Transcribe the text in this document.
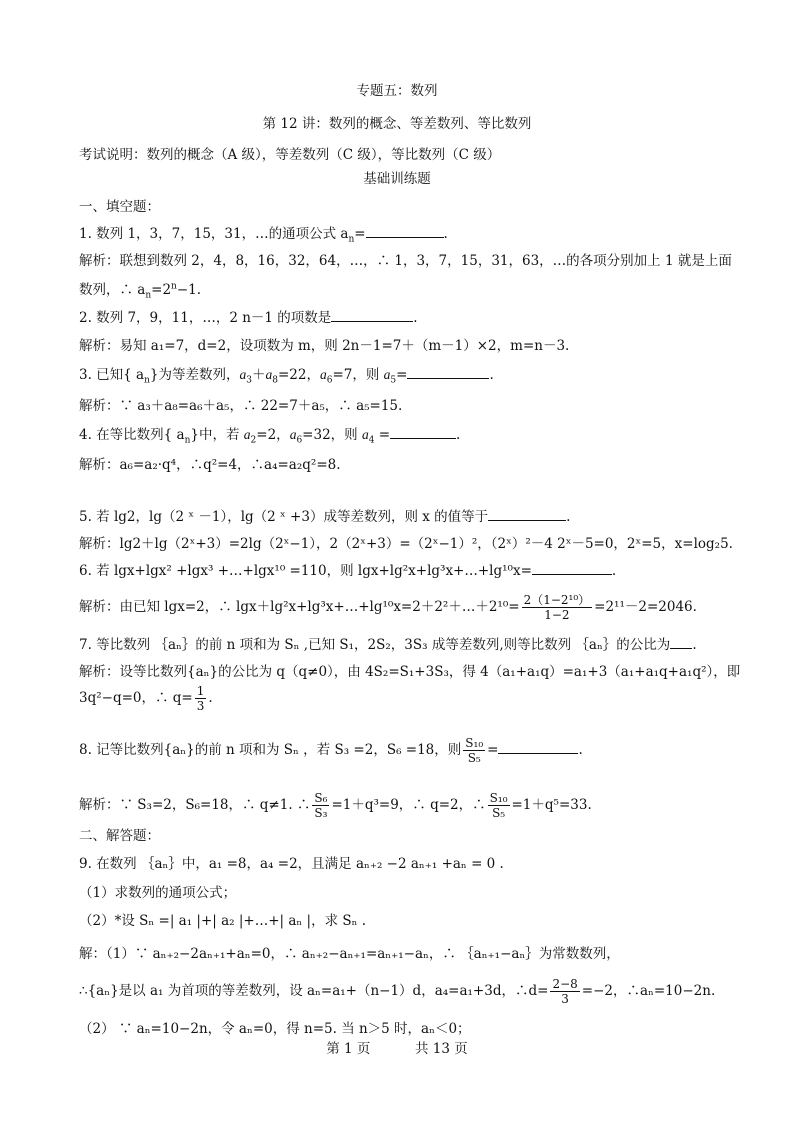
专题五：数列
第 12 讲：数列的概念、等差数列、等比数列
考试说明：数列的概念（A 级），等差数列（C 级），等比数列（C 级）
基础训练题
一、填空题：
1. 数列 1，3，7，15，31，…的通项公式 $a_n=$	.
解析：联想到数列 2，4，8，16，32，64，…，∴ 1，3，7，15，31，63，…的各项分别加上 1 就是上面
数列，∴ $a_n=2^n-1$.
2. 数列 7，9，11，…，2 n－1 的项数是	.
解析：易知 a₁=7，d=2，设项数为 m，则 2n－1=7＋（m－1）×2，m=n－3.
3. 已知{ $a_n$}为等差数列，$a_3+a_8=22$，$a_6=7$，则 $a_5=$	.
解析：∵ a₃＋a₈=a₆＋a₅，∴ 22=7＋a₅，∴ a₅=15.
4. 在等比数列{ $a_n$}中，若 $a_2=2$，$a_6=32$，则 $a_4$ =	.
解析：a₆=a₂·q⁴，∴q²=4，∴a₄=a₂q²=8.
5. 若 lg2，lg（2 ˣ －1），lg（2 ˣ +3）成等差数列，则 x 的值等于	.
解析：lg2＋lg（2ˣ+3）=2lg（2ˣ−1），2（2ˣ+3）=（2ˣ−1）²，（2ˣ）²－4 2ˣ－5=0，2ˣ=5，x=log₂5.
6. 若 lgx+lgx² +lgx³ +…+lgx¹⁰ =110，则 lgx+lg²x+lg³x+…+lg¹⁰x=	.
解析：由已知 lgx=2，∴ lgx＋lg²x+lg³x+…+lg¹⁰x=2＋2²＋…＋2¹⁰= $\frac{\text{2（1−2¹⁰）}}{1-2} =2^{11}-2=2046$.
7. 等比数列 ｛aₙ｝的前 n 项和为 Sₙ ,已知 S₁，2S₂，3S₃ 成等差数列,则等比数列 ｛aₙ｝的公比为 .
解析：设等比数列{aₙ}的公比为 q（q≠0），由 4S₂=S₁+3S₃，得 4（a₁+a₁q）=a₁+3（a₁+a₁q+a₁q²），即
3q²−q=0，∴ $q= \frac{1}{3}$ .
8. 记等比数列{aₙ}的前 n 项和为 Sₙ ，若 S₃ =2，S₆ =18，则 $\frac{\text{S₁₀}}{\text{S₅}}$ =	.
解析：∵ S₃=2，S₆=18，∴ q≠1. ∴ $\frac{\text{S₆}}{\text{S₃}} =1+q^3=9$，∴ q=2，∴ $\frac{\text{S₁₀}}{\text{S₅}} =1+q^5=33$.
二、解答题：
9. 在数列 ｛aₙ｝中，a₁ =8，a₄ =2，且满足 aₙ₊₂ −2 aₙ₊₁ +aₙ = 0 .
（1）求数列的通项公式；
（2）*设 Sₙ =| a₁ |+| a₂ |+…+| aₙ |，求 Sₙ .
解：（1）∵ aₙ₊₂−2aₙ₊₁+aₙ=0，∴ aₙ₊₂−aₙ₊₁=aₙ₊₁−aₙ，∴ ｛aₙ₊₁−aₙ｝为常数数列，
∴{aₙ}是以 a₁ 为首项的等差数列，设 aₙ=a₁+（n−1）d，a₄=a₁+3d，∴d= $\frac{2-8}{3} =-2$，∴aₙ=10−2n.
（2） ∵ aₙ=10−2n，令 aₙ=0，得 n=5. 当 n＞5 时，aₙ＜0；
第 1 页	共 13 页
